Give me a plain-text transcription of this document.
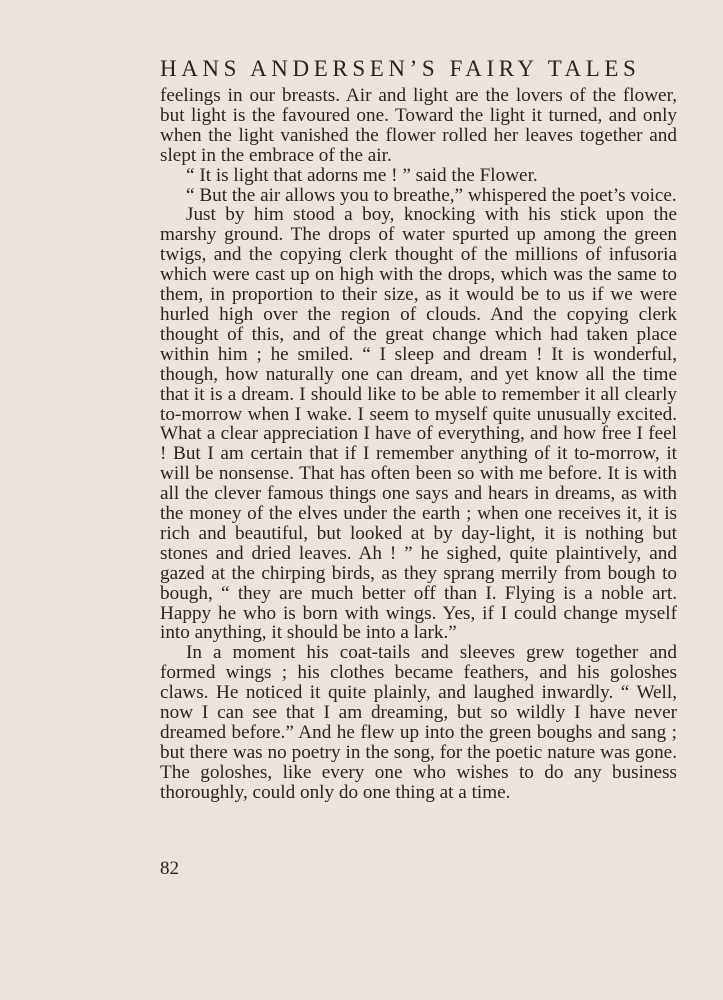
HANS ANDERSEN’S FAIRY TALES

feelings in our breasts. Air and light are the lovers of the flower, but light is the favoured one. Toward the light it turned, and only when the light vanished the flower rolled her leaves together and slept in the embrace of the air.

“ It is light that adorns me ! ” said the Flower.

“ But the air allows you to breathe,” whispered the poet’s voice.

Just by him stood a boy, knocking with his stick upon the marshy ground. The drops of water spurted up among the green twigs, and the copying clerk thought of the millions of infusoria which were cast up on high with the drops, which was the same to them, in proportion to their size, as it would be to us if we were hurled high over the region of clouds. And the copying clerk thought of this, and of the great change which had taken place within him ; he smiled. “ I sleep and dream ! It is wonderful, though, how naturally one can dream, and yet know all the time that it is a dream. I should like to be able to remember it all clearly to-morrow when I wake. I seem to myself quite unusually excited. What a clear appreciation I have of everything, and how free I feel ! But I am certain that if I remember anything of it to-morrow, it will be nonsense. That has often been so with me before. It is with all the clever famous things one says and hears in dreams, as with the money of the elves under the earth ; when one receives it, it is rich and beautiful, but looked at by day-light, it is nothing but stones and dried leaves. Ah ! ” he sighed, quite plaintively, and gazed at the chirping birds, as they sprang merrily from bough to bough, “ they are much better off than I. Flying is a noble art. Happy he who is born with wings. Yes, if I could change myself into anything, it should be into a lark.”

In a moment his coat-tails and sleeves grew together and formed wings ; his clothes became feathers, and his goloshes claws. He noticed it quite plainly, and laughed inwardly. “ Well, now I can see that I am dreaming, but so wildly I have never dreamed before.” And he flew up into the green boughs and sang ; but there was no poetry in the song, for the poetic nature was gone. The goloshes, like every one who wishes to do any business thoroughly, could only do one thing at a time.

82
